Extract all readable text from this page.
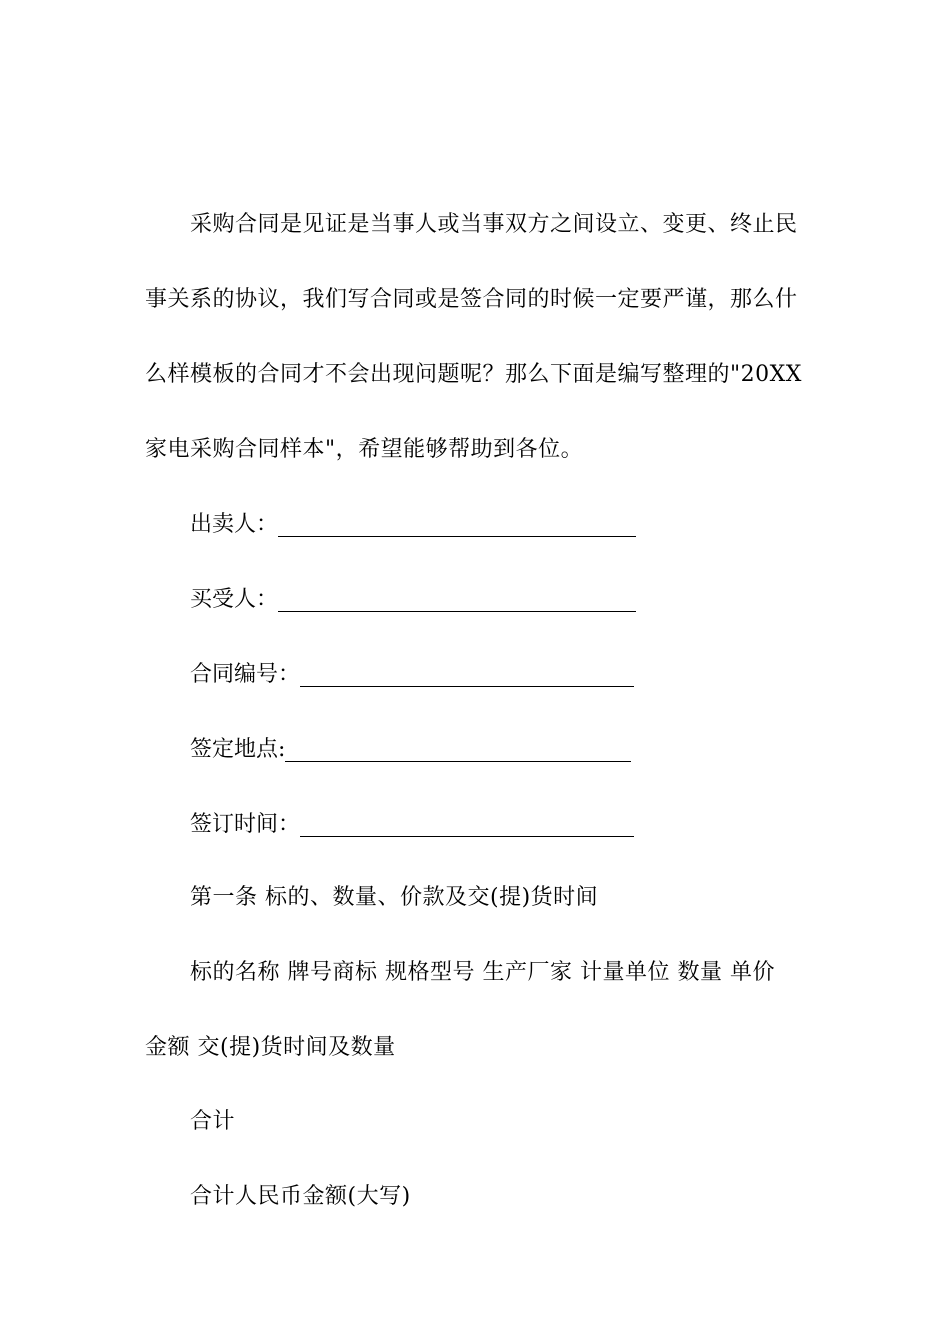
采购合同是见证是当事人或当事双方之间设立、变更、终止民
事关系的协议，我们写合同或是签合同的时候一定要严谨，那么什
么样模板的合同才不会出现问题呢？那么下面是编写整理的"20XX
家电采购合同样本"，希望能够帮助到各位。
出卖人：
买受人：
合同编号：
签定地点:
签订时间：
第一条 标的、数量、价款及交(提)货时间
标的名称 牌号商标 规格型号 生产厂家 计量单位 数量 单价
金额 交(提)货时间及数量
合计
合计人民币金额(大写)
